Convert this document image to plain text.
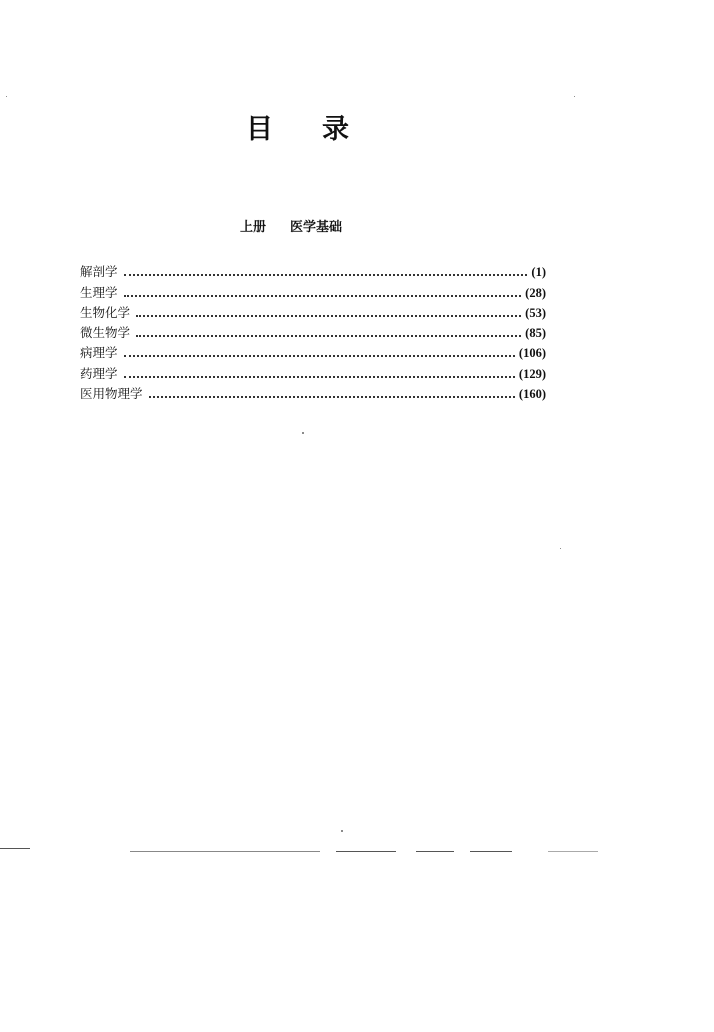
目 录
上册 医学基础
解剖学	(1)
生理学	(28)
生物化学	(53)
微生物学	(85)
病理学	(106)
药理学	(129)
医用物理学	(160)
